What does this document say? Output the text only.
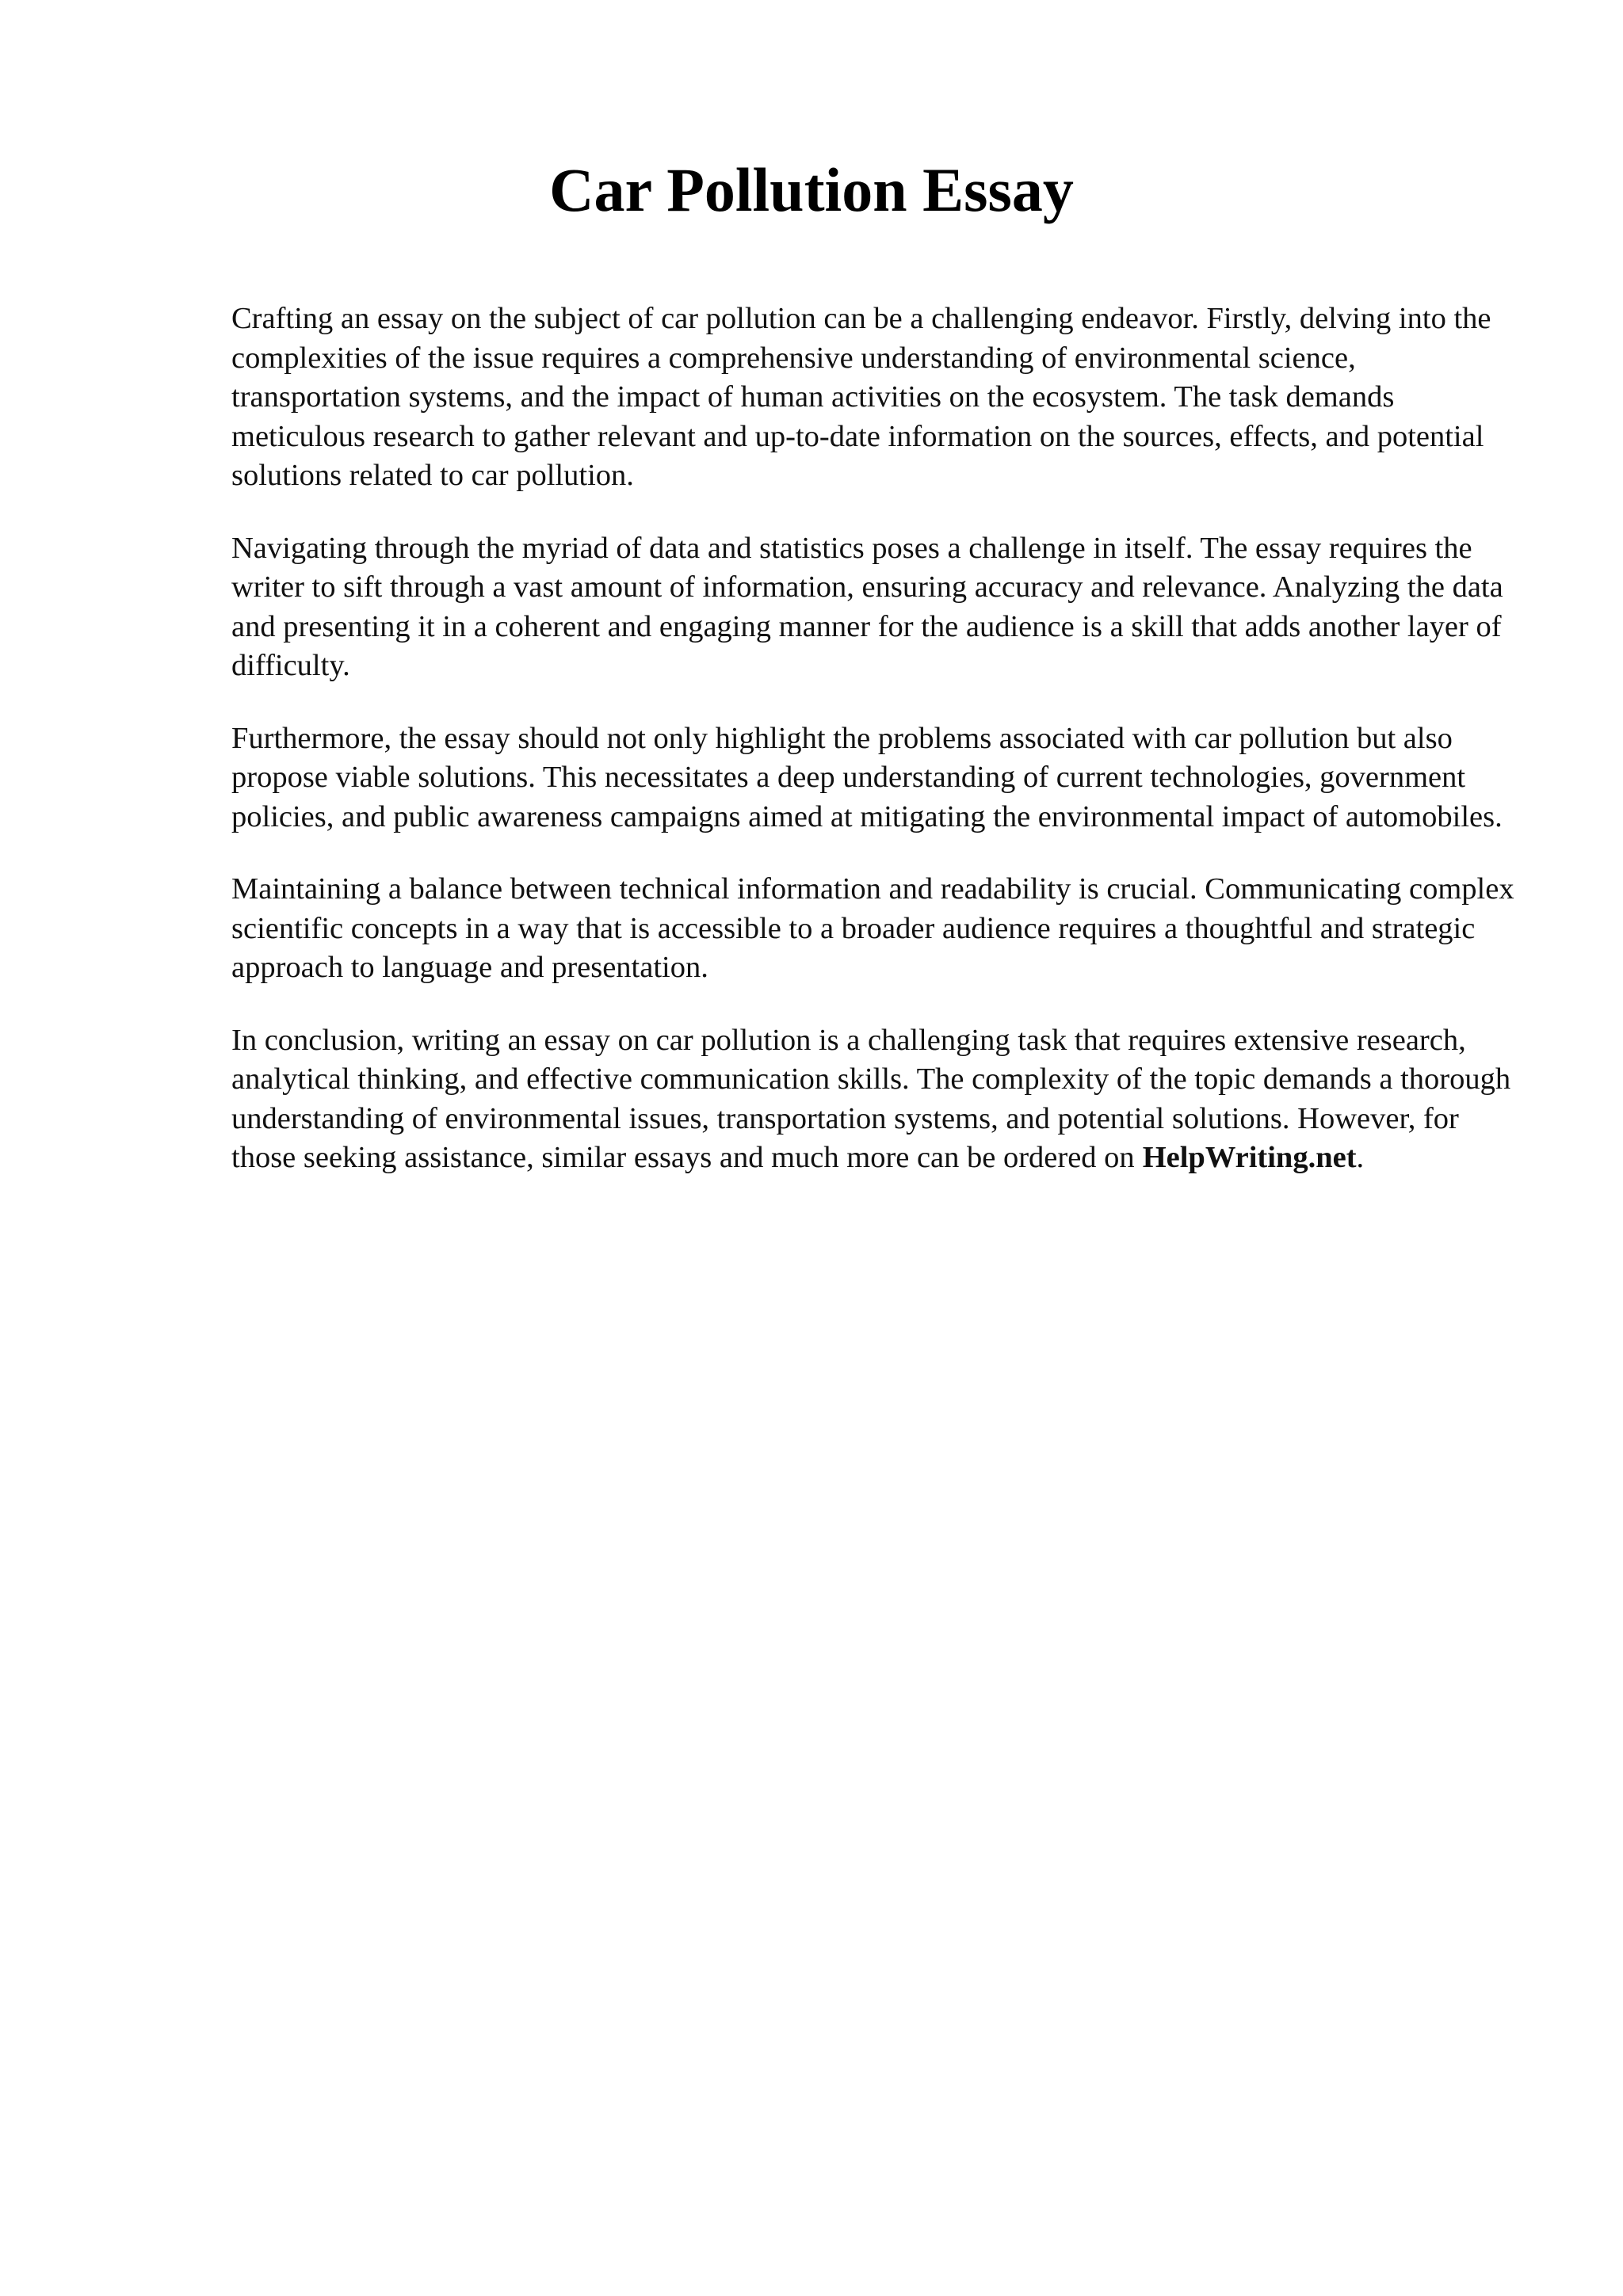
Car Pollution Essay

Crafting an essay on the subject of car pollution can be a challenging endeavor. Firstly, delving into the complexities of the issue requires a comprehensive understanding of environmental science, transportation systems, and the impact of human activities on the ecosystem. The task demands meticulous research to gather relevant and up-to-date information on the sources, effects, and potential solutions related to car pollution.

Navigating through the myriad of data and statistics poses a challenge in itself. The essay requires the writer to sift through a vast amount of information, ensuring accuracy and relevance. Analyzing the data and presenting it in a coherent and engaging manner for the audience is a skill that adds another layer of difficulty.

Furthermore, the essay should not only highlight the problems associated with car pollution but also propose viable solutions. This necessitates a deep understanding of current technologies, government policies, and public awareness campaigns aimed at mitigating the environmental impact of automobiles.

Maintaining a balance between technical information and readability is crucial. Communicating complex scientific concepts in a way that is accessible to a broader audience requires a thoughtful and strategic approach to language and presentation.

In conclusion, writing an essay on car pollution is a challenging task that requires extensive research, analytical thinking, and effective communication skills. The complexity of the topic demands a thorough understanding of environmental issues, transportation systems, and potential solutions. However, for those seeking assistance, similar essays and much more can be ordered on HelpWriting.net.
